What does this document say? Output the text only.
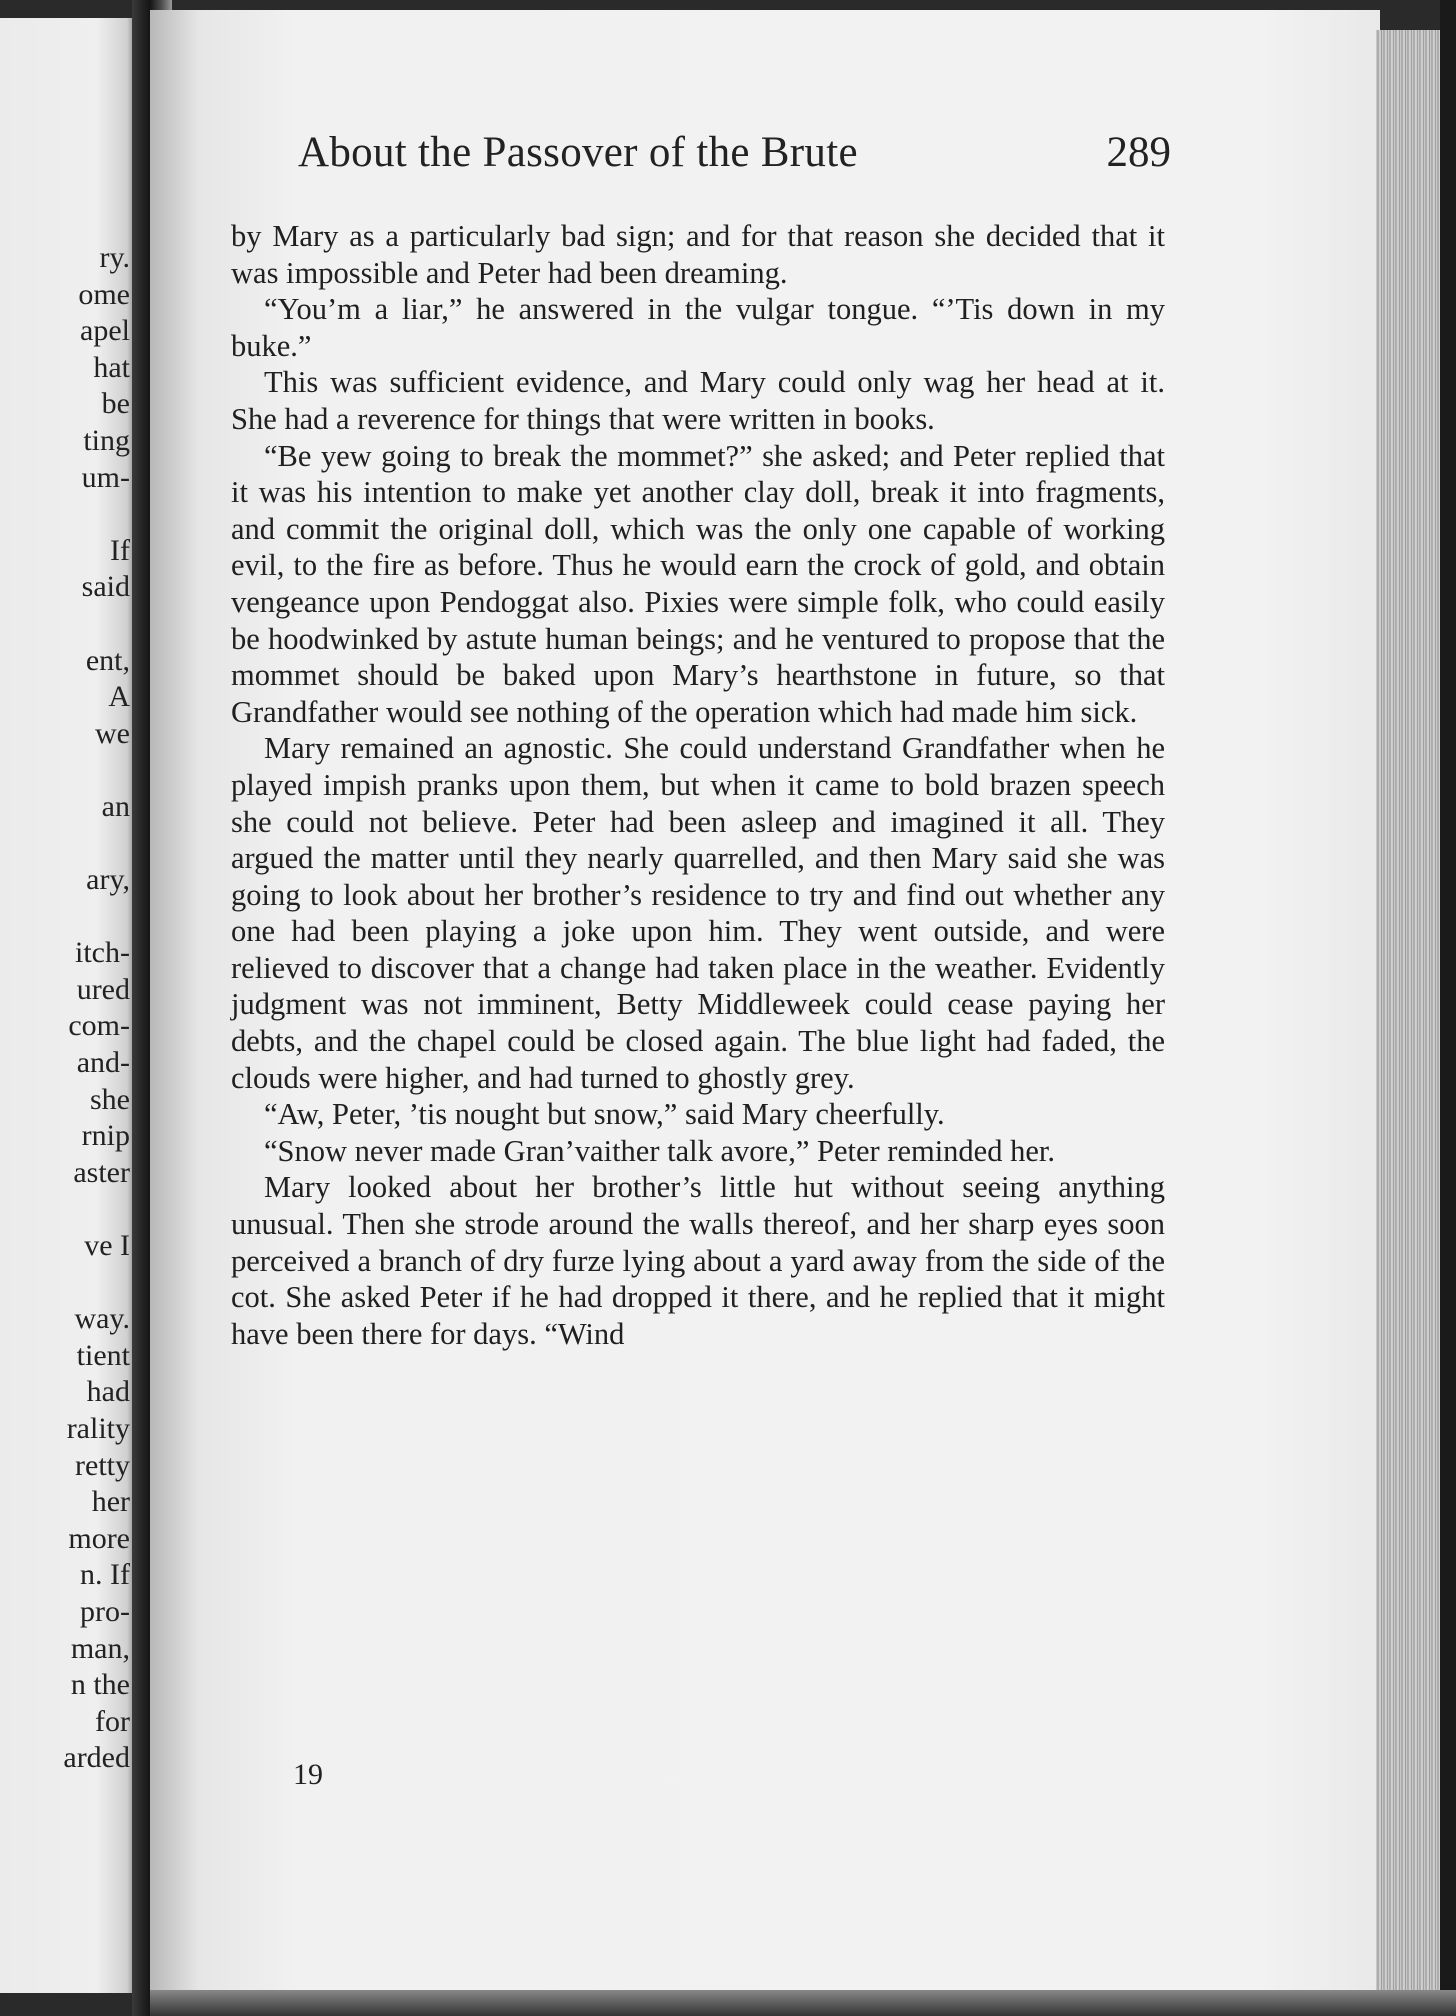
ry.
ome
apel
hat
be
ting
um-

If
said

ent,
A
we

an

ary,

itch-
ured
com-
and-
she
rnip
aster

ve I

way.
tient
had
rality
retty
her
more
n. If
pro-
man,
n the
for
arded
About the Passover of the Brute	289

by Mary as a particularly bad sign; and for that reason she decided that it was impossible and Peter had been dreaming.

“You’m a liar,” he answered in the vulgar tongue. “’Tis down in my buke.”

This was sufficient evidence, and Mary could only wag her head at it. She had a reverence for things that were written in books.

“Be yew going to break the mommet?” she asked; and Peter replied that it was his intention to make yet another clay doll, break it into fragments, and commit the original doll, which was the only one capable of working evil, to the fire as before. Thus he would earn the crock of gold, and obtain vengeance upon Pendoggat also. Pixies were simple folk, who could easily be hoodwinked by astute human beings; and he ventured to propose that the mommet should be baked upon Mary’s hearthstone in future, so that Grandfather would see nothing of the operation which had made him sick.

Mary remained an agnostic. She could understand Grandfather when he played impish pranks upon them, but when it came to bold brazen speech she could not believe. Peter had been asleep and imagined it all. They argued the matter until they nearly quarrelled, and then Mary said she was going to look about her brother’s residence to try and find out whether any one had been playing a joke upon him. They went outside, and were relieved to discover that a change had taken place in the weather. Evidently judgment was not imminent, Betty Middleweek could cease paying her debts, and the chapel could be closed again. The blue light had faded, the clouds were higher, and had turned to ghostly grey.

“Aw, Peter, ’tis nought but snow,” said Mary cheerfully.

“Snow never made Gran’vaither talk avore,” Peter reminded her.

Mary looked about her brother’s little hut without seeing anything unusual. Then she strode around the walls thereof, and her sharp eyes soon perceived a branch of dry furze lying about a yard away from the side of the cot. She asked Peter if he had dropped it there, and he replied that it might have been there for days. “Wind

19
